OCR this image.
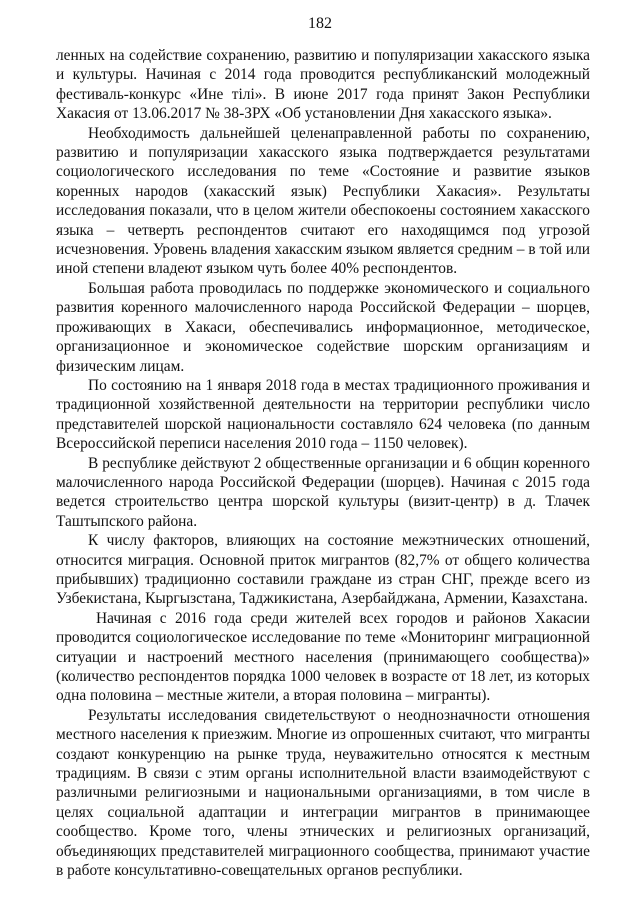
182

ленных на содействие сохранению, развитию и популяризации хакасского языка и культуры. Начиная с 2014 года проводится республиканский молодежный фестиваль-конкурс «Ине тілі». В июне 2017 года принят Закон Республики Хакасия от 13.06.2017 № 38-ЗРХ «Об установлении Дня хакасского языка».

Необходимость дальнейшей целенаправленной работы по сохранению, развитию и популяризации хакасского языка подтверждается результатами социологического исследования по теме «Состояние и развитие языков коренных народов (хакасский язык) Республики Хакасия». Результаты исследования показали, что в целом жители обеспокоены состоянием хакасского языка – четверть респондентов считают его находящимся под угрозой исчезновения. Уровень владения хакасским языком является средним – в той или иной степени владеют языком чуть более 40% респондентов.

Большая работа проводилась по поддержке экономического и социального развития коренного малочисленного народа Российской Федерации – шорцев, проживающих в Хакаси, обеспечивались информационное, методическое, организационное и экономическое содействие шорским организациям и физическим лицам.

По состоянию на 1 января 2018 года в местах традиционного проживания и традиционной хозяйственной деятельности на территории республики число представителей шорской национальности составляло 624 человека (по данным Всероссийской переписи населения 2010 года – 1150 человек).

В республике действуют 2 общественные организации и 6 общин коренного малочисленного народа Российской Федерации (шорцев). Начиная с 2015 года ведется строительство центра шорской культуры (визит-центр) в д. Тлачек Таштыпского района.

К числу факторов, влияющих на состояние межэтнических отношений, относится миграция. Основной приток мигрантов (82,7% от общего количества прибывших) традиционно составили граждане из стран СНГ, прежде всего из Узбекистана, Кыргызстана, Таджикистана, Азербайджана, Армении, Казахстана.

Начиная с 2016 года среди жителей всех городов и районов Хакасии проводится социологическое исследование по теме «Мониторинг миграционной ситуации и настроений местного населения (принимающего сообщества)» (количество респондентов порядка 1000 человек в возрасте от 18 лет, из которых одна половина – местные жители, а вторая половина – мигранты).

Результаты исследования свидетельствуют о неоднозначности отношения местного населения к приезжим. Многие из опрошенных считают, что мигранты создают конкуренцию на рынке труда, неуважительно относятся к местным традициям. В связи с этим органы исполнительной власти взаимодействуют с различными религиозными и национальными организациями, в том числе в целях социальной адаптации и интеграции мигрантов в принимающее сообщество. Кроме того, члены этнических и религиозных организаций, объединяющих представителей миграционного сообщества, принимают участие в работе консультативно-совещательных органов республики.
